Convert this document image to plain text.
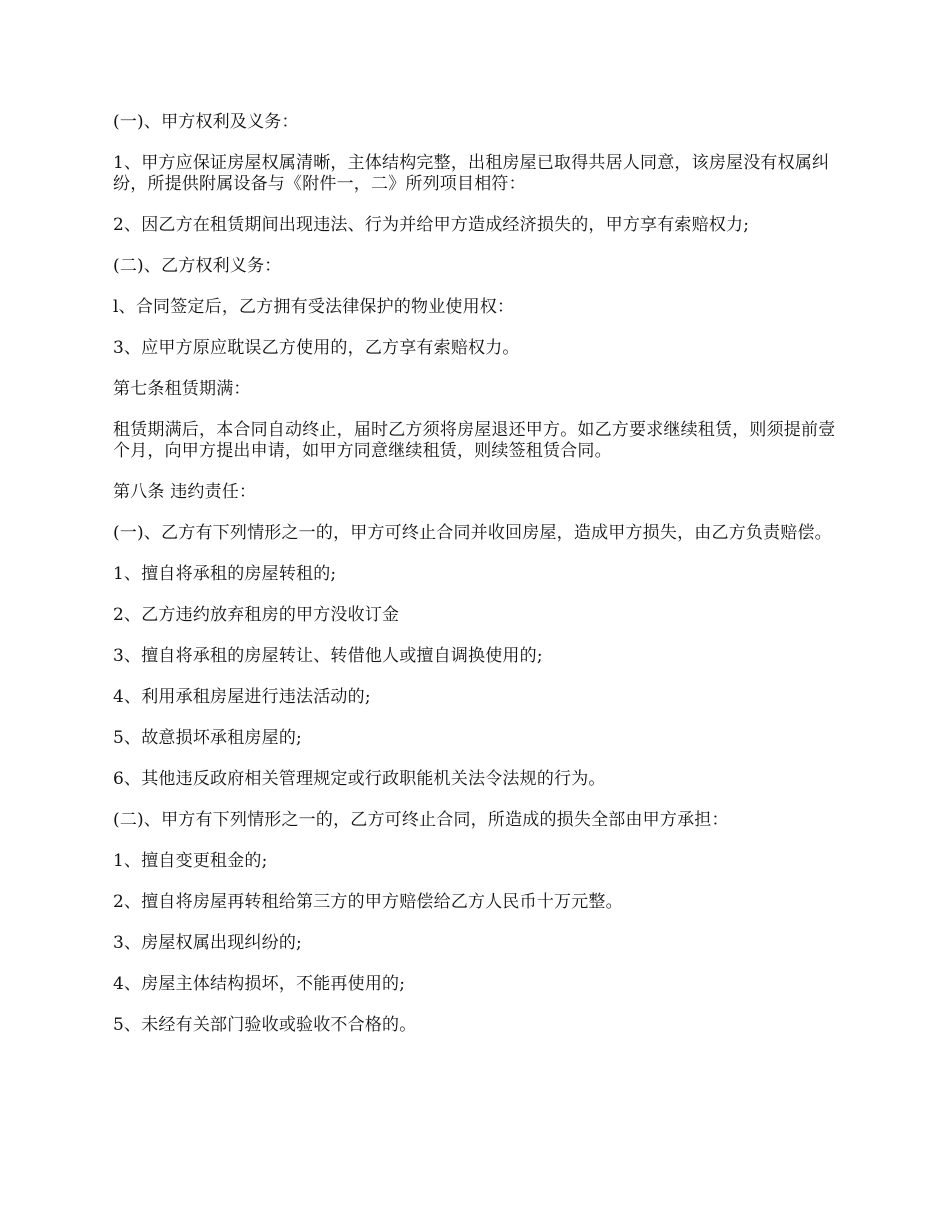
(一)、甲方权利及义务：

1、甲方应保证房屋权属清晰，主体结构完整，出租房屋已取得共居人同意，该房屋没有权属纠纷，所提供附属设备与《附件一，二》所列项目相符：

2、因乙方在租赁期间出现违法、行为并给甲方造成经济损失的，甲方享有索赔权力;

(二)、乙方权利义务：

l、合同签定后，乙方拥有受法律保护的物业使用权：

3、应甲方原应耽误乙方使用的，乙方享有索赔权力。

第七条租赁期满：

租赁期满后，本合同自动终止，届时乙方须将房屋退还甲方。如乙方要求继续租赁，则须提前壹个月，向甲方提出申请，如甲方同意继续租赁，则续签租赁合同。

第八条 违约责任：

(一)、乙方有下列情形之一的，甲方可终止合同并收回房屋，造成甲方损失，由乙方负责赔偿。

1、擅自将承租的房屋转租的;

2、乙方违约放弃租房的甲方没收订金

3、擅自将承租的房屋转让、转借他人或擅自调换使用的;

4、利用承租房屋进行违法活动的;

5、故意损坏承租房屋的;

6、其他违反政府相关管理规定或行政职能机关法令法规的行为。

(二)、甲方有下列情形之一的，乙方可终止合同，所造成的损失全部由甲方承担：

1、擅自变更租金的;

2、擅自将房屋再转租给第三方的甲方赔偿给乙方人民币十万元整。

3、房屋权属出现纠纷的;

4、房屋主体结构损坏，不能再使用的;

5、未经有关部门验收或验收不合格的。
